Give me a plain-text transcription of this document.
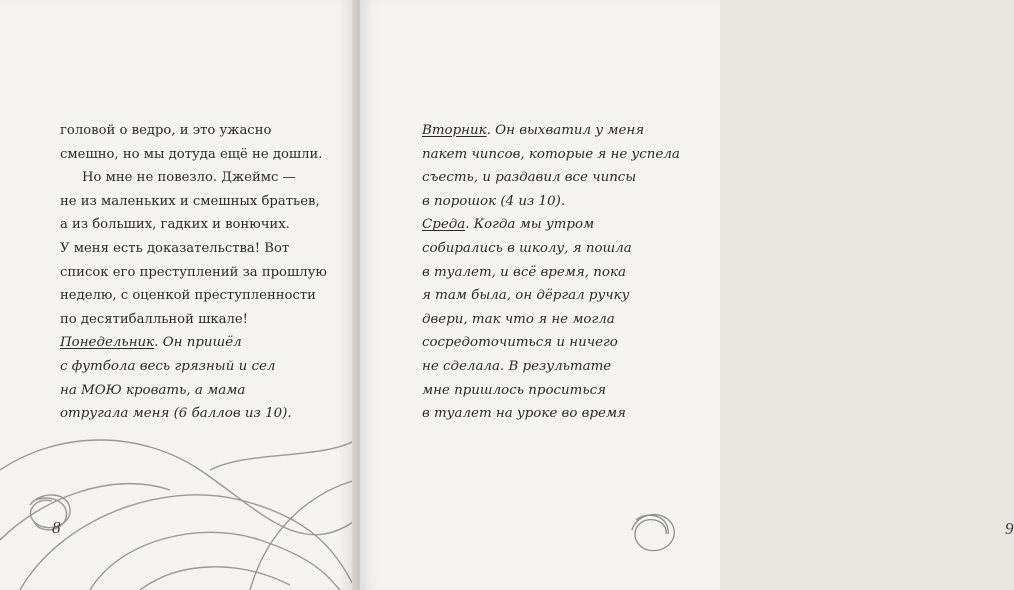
головой о ведро, и это ужасно
смешно, но мы дотуда ещё не дошли.
Но мне не повезло. Джеймс —
не из маленьких и смешных братьев,
а из больших, гадких и вонючих.
У меня есть доказательства! Вот
список его преступлений за прошлую
неделю, с оценкой преступленности
по десятибалльной шкале!
Понедельник. Он пришёл
с футбола весь грязный и сел
на МОЮ кровать, а мама
отругала меня (6 баллов из 10).
8
Вторник. Он выхватил у меня
пакет чипсов, которые я не успела
съесть, и раздавил все чипсы
в порошок (4 из 10).
Среда. Когда мы утром
собирались в школу, я пошла
в туалет, и всё время, пока
я там была, он дёргал ручку
двери, так что я не могла
сосредоточиться и ничего
не сделала. В результате
мне пришлось проситься
в туалет на уроке во время
9
